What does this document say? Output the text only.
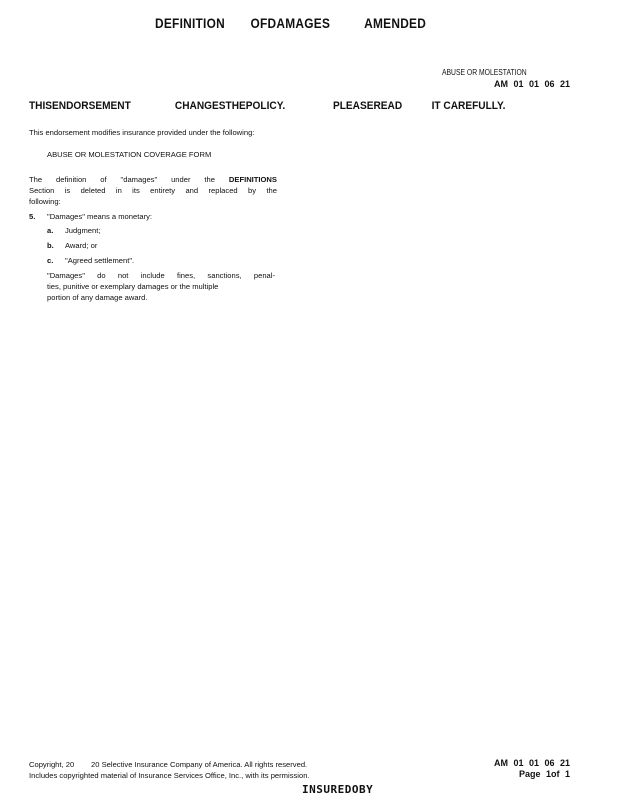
DEFINITION OFDAMAGES AMENDED
ABUSE OR MOLESTATION
AM 01 01 06 21
THISENDORSEMENT	CHANGESTHEPOLICY.	PLEASEREAD	IT CAREFULLY.
This endorsement modifies insurance provided under the following:
ABUSE OR MOLESTATION COVERAGE FORM
The definition of "damages" under the DEFINITIONS
Section is deleted in its entirety and replaced by the
following:
5.	"Damages" means a monetary:
a.	Judgment;
b.	Award; or
c.	"Agreed settlement".
"Damages" do not include fines, sanctions, penal-
ties, punitive or exemplary damages or the multiple
portion of any damage award.
Copyright, 20        20 Selective Insurance Company of America. All rights reserved.
Includes copyrighted material of Insurance Services Office, Inc., with its permission.
AM 01 01 06 21
Page 1of 1
INSUREDOBY
